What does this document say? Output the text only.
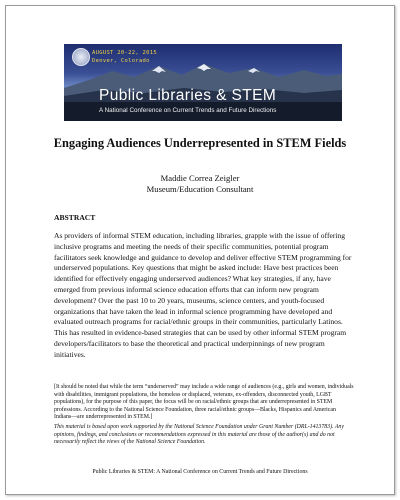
AUGUST 20-22, 2015
Denver, Colorado
Public Libraries & STEM
A National Conference on Current Trends and Future Directions
Engaging Audiences Underrepresented in STEM Fields
Maddie Correa Zeigler
Museum/Education Consultant
ABSTRACT

As providers of informal STEM education, including libraries, grapple with the issue of offering inclusive programs and meeting the needs of their specific communities, potential program facilitators seek knowledge and guidance to develop and deliver effective STEM programming for underserved populations. Key questions that might be asked include: Have best practices been identified for effectively engaging underserved audiences? What key strategies, if any, have emerged from previous informal science education efforts that can inform new program development? Over the past 10 to 20 years, museums, science centers, and youth-focused organizations that have taken the lead in informal science programming have developed and evaluated outreach programs for racial/ethnic groups in their communities, particularly Latinos. This has resulted in evidence-based strategies that can be used by other informal STEM program developers/facilitators to base the theoretical and practical underpinnings of new program initiatives.

[It should be noted that while the term “underserved” may include a wide range of audiences (e.g., girls and women, individuals with disabilities, immigrant populations, the homeless or displaced, veterans, ex-offenders, disconnected youth, LGBT populations), for the purpose of this paper, the focus will be on racial/ethnic groups that are underrepresented in STEM professions. According to the National Science Foundation, three racial/ethnic groups—Blacks, Hispanics and American Indians—are underrepresented in STEM.]

This material is based upon work supported by the National Science Foundation under Grant Number (DRL-1413783). Any opinions, findings, and conclusions or recommendations expressed in this material are those of the author(s) and do not necessarily reflect the views of the National Science Foundation.

Public Libraries & STEM: A National Conference on Current Trends and Future Directions
